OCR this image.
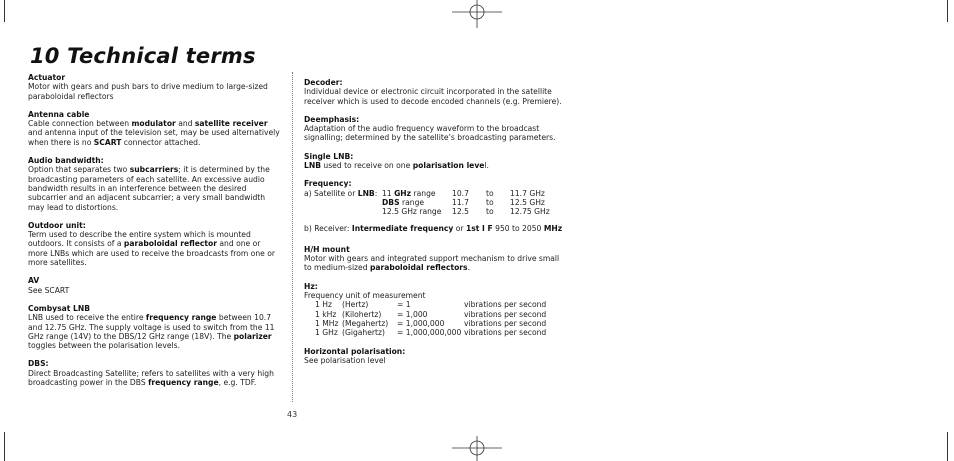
10 Technical terms
Actuator
Motor with gears and push bars to drive medium to large-sized paraboloidal reflectors
Antenna cable
Cable connection between modulator and satellite receiver and antenna input of the television set, may be used alternatively when there is no SCART connector attached.
Audio bandwidth:
Option that separates two subcarriers; it is determined by the broadcasting parameters of each satellite. An excessive audio bandwidth results in an interference between the desired subcarrier and an adjacent subcarrier; a very small bandwidth may lead to distortions.
Outdoor unit:
Term used to describe the entire system which is mounted outdoors. It consists of a paraboloidal reflector and one or more LNBs which are used to receive the broadcasts from one or more satellites.
AV
See SCART
Combysat LNB
LNB used to receive the entire frequency range between 10.7 and 12.75 GHz. The supply voltage is used to switch from the 11 GHz range (14V) to the DBS/12 GHz range (18V). The polarizer toggles between the polarisation levels.
DBS:
Direct Broadcasting Satellite; refers to satellites with a very high broadcasting power in the DBS frequency range, e.g. TDF.
Decoder:
Individual device or electronic circuit incorporated in the satellite receiver which is used to decode encoded channels (e.g. Premiere).
Deemphasis:
Adaptation of the audio frequency waveform to the broadcast signalling; determined by the satellite’s broadcasting parameters.
Single LNB:
LNB used to receive on one polarisation level.
Frequency:
a) Satellite or LNB:	11 GHz range	10.7	to	11.7 GHz
	DBS range	11.7	to	12.5 GHz
	12.5 GHz range	12.5	to	12.75 GHz
b) Receiver: Intermediate frequency or 1st I F 950 to 2050 MHz
H/H mount
Motor with gears and integrated support mechanism to drive small to medium-sized paraboloidal reflectors.
Hz:
Frequency unit of measurement
1 Hz	(Hertz)	= 1	vibrations per second
1 kHz	(Kilohertz)	= 1,000	vibrations per second
1 MHz	(Megahertz)	= 1,000,000	vibrations per second
1 GHz	(Gigahertz)	= 1,000,000,000	vibrations per second
Horizontal polarisation:
See polarisation level
43
